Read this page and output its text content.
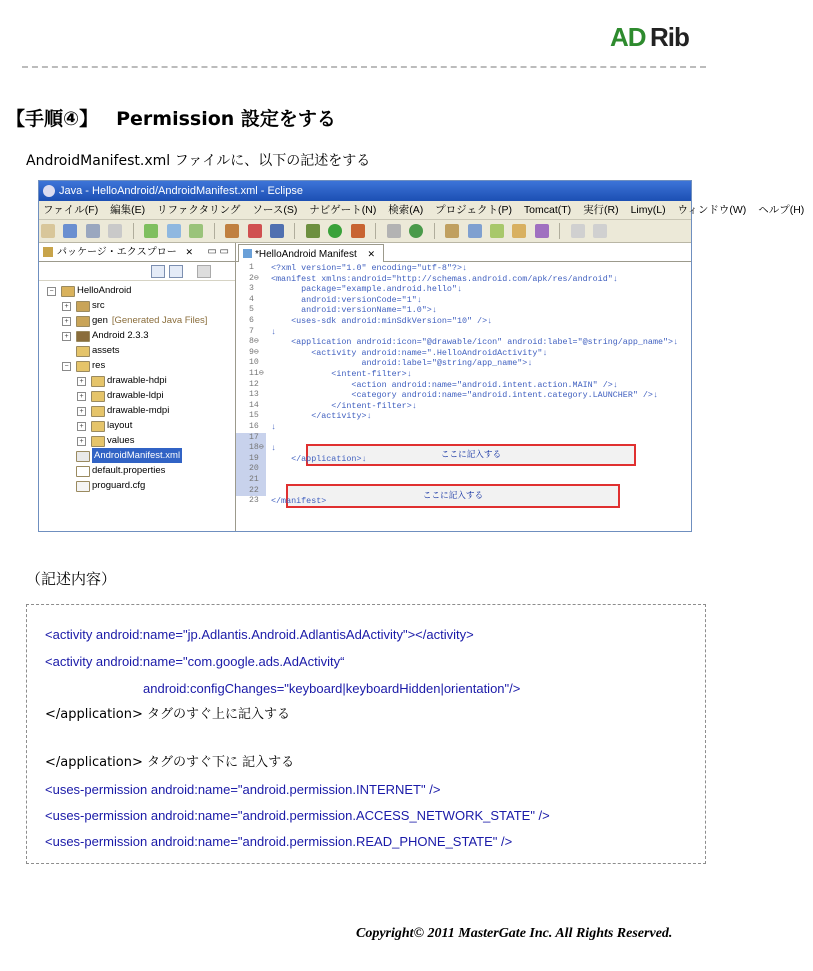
AD Rib
【手順④】 Permission 設定をする
AndroidManifest.xml ファイルに、以下の記述をする
Java - HelloAndroid/AndroidManifest.xml - Eclipse
ファイル(F) 編集(E) リファクタリング ソース(S) ナビゲート(N) 検索(A) プロジェクト(P) Tomcat(T) 実行(R) Limy(L) ウィンドウ(W) ヘルプ(H)

パッケージ・エクスプロー ✕ ▭ ▭
− HelloAndroid
+ src
+ gen [Generated Java Files]
+ Android 2.3.3
assets
− res
+ drawable-hdpi
+ drawable-ldpi
+ drawable-mdpi
+ layout
+ values
AndroidManifest.xml
default.properties
proguard.cfg
*HelloAndroid Manifest ✕
1
2⊖
3
4
5
6
7
8⊖
9⊖
10
11⊖
12
13
14
15
16
17
18⊖
19
20
21
22
23
ここに記入する
ここに記入する
<?xml version="1.0" encoding="utf-8"?>↓
<manifest xmlns:android="http://schemas.android.com/apk/res/android"↓
package="example.android.hello"↓
android:versionCode="1"↓
android:versionName="1.0">↓
<uses-sdk android:minSdkVersion="10" />↓
↓
<application android:icon="@drawable/icon" android:label="@string/app_name">↓
<activity android:name=".HelloAndroidActivity"↓
android:label="@string/app_name">↓
<intent-filter>↓
<action android:name="android.intent.action.MAIN" />↓
<category android:name="android.intent.category.LAUNCHER" />↓
</intent-filter>↓
</activity>↓
↓
↓
</application>↓
</manifest>
（記述内容）
<activity android:name="jp.Adlantis.Android.AdlantisAdActivity"></activity>
<activity android:name="com.google.ads.AdActivity“
android:configChanges="keyboard|keyboardHidden|orientation"/>
</application> タグのすぐ上に記入する
</application> タグのすぐ下に 記入する
<uses-permission android:name="android.permission.INTERNET" />
<uses-permission android:name="android.permission.ACCESS_NETWORK_STATE" />
<uses-permission android:name="android.permission.READ_PHONE_STATE" />
Copyright© 2011 MasterGate Inc. All Rights Reserved.
